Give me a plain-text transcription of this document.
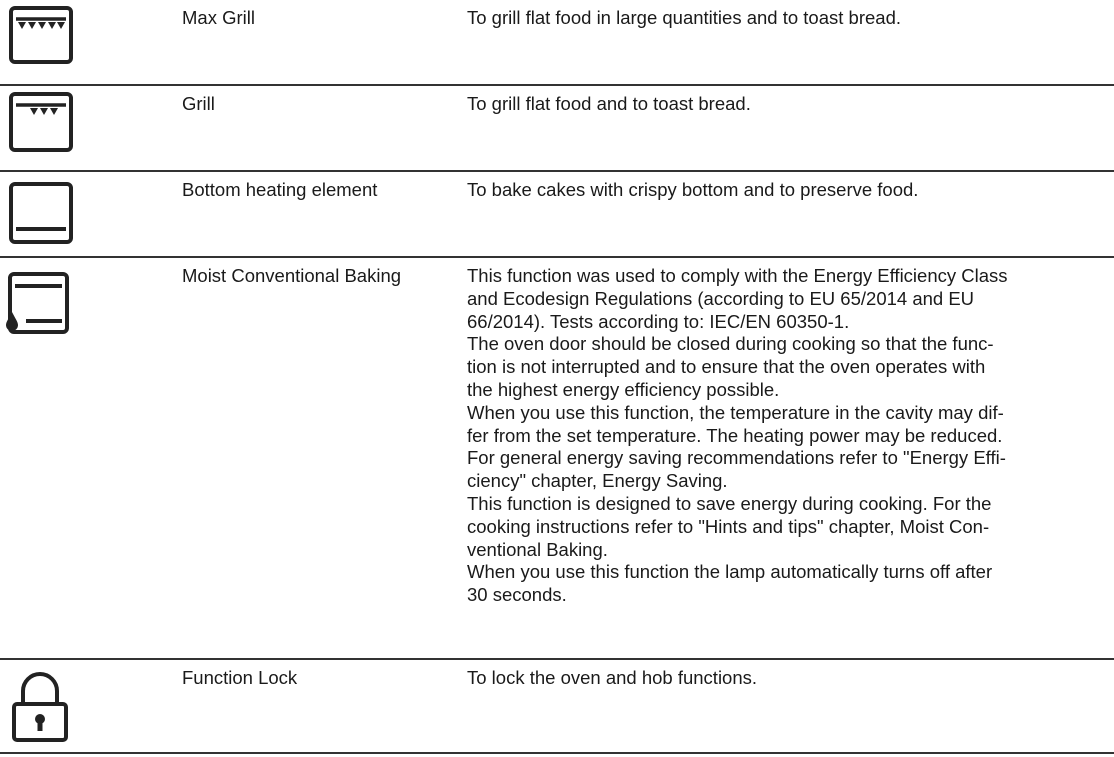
Max Grill	To grill flat food in large quantities and to toast bread.
Grill	To grill flat food and to toast bread.
Bottom heating element	To bake cakes with crispy bottom and to preserve food.
Moist Conventional Baking	This function was used to comply with the Energy Efficiency Class
and Ecodesign Regulations (according to EU 65/2014 and EU
66/2014). Tests according to: IEC/EN 60350-1.
The oven door should be closed during cooking so that the func-
tion is not interrupted and to ensure that the oven operates with
the highest energy efficiency possible.
When you use this function, the temperature in the cavity may dif-
fer from the set temperature. The heating power may be reduced.
For general energy saving recommendations refer to "Energy Effi-
ciency" chapter, Energy Saving.
This function is designed to save energy during cooking. For the
cooking instructions refer to "Hints and tips" chapter, Moist Con-
ventional Baking.
When you use this function the lamp automatically turns off after
30 seconds.
Function Lock	To lock the oven and hob functions.
